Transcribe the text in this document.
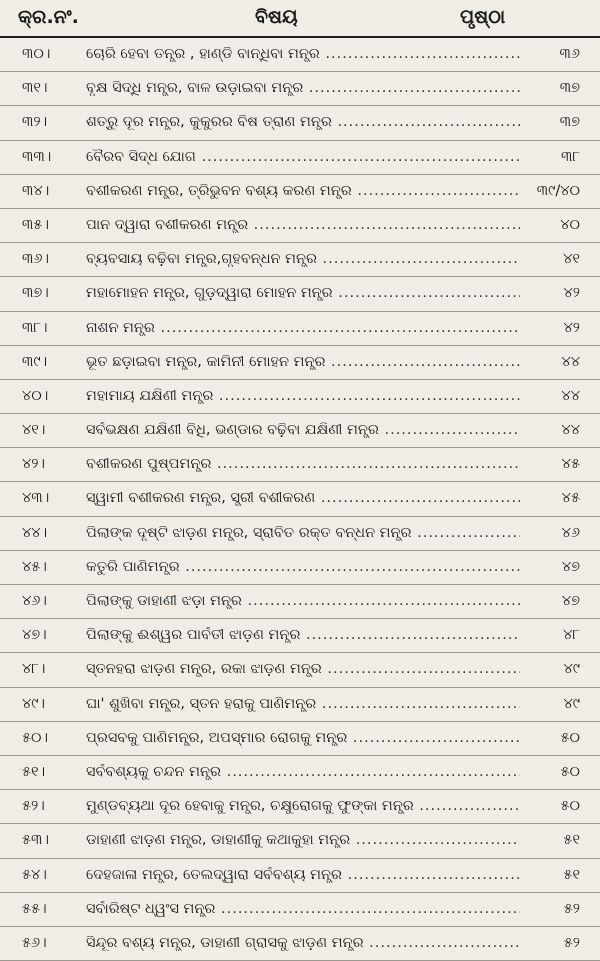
କ୍ର.ନଂ.	ବିଷୟ	ପୃଷ୍ଠା
୩୦।	ଚୋରି ହେବା ତନ୍ତ୍ର , ହାଣ୍ଡି ବାନ୍ଧିବା ମନ୍ତ୍ର .....	୩୬
୩୧।	ବୃକ୍ଷ ସିଦ୍ଧି ମନ୍ତ୍ର, ବାଳ ଉଡ଼ାଇବା ମନ୍ତ୍ର .....	୩୭
୩୨।	ଶତ୍ରୁ ଦୂର ମନ୍ତ୍ର, କୁକୁରର ବିଷ ତ୍ରାଣ ମନ୍ତ୍ର .....	୩୭
୩୩।	ବୈରବ ସିଦ୍ଧ ଯୋଗ .....	୩୮
୩୪।	ବଶୀକରଣ ମନ୍ତ୍ର, ତ୍ରିଭୁବନ ବଶ୍ୟ କରଣ ମନ୍ତ୍ର .....	୩୯/୪୦
୩୫।	ପାନ ଦ୍ୱାରା ବଶୀକରଣ ମନ୍ତ୍ର .....	୪୦
୩୬।	ବ୍ୟବସାୟ ବଢ଼ିବା ମନ୍ତ୍ର,ଗୃହବନ୍ଧନ ମନ୍ତ୍ର .....	୪୧
୩୭।	ମହାମୋହନ ମନ୍ତ୍ର, ଗୁଡ଼ଦ୍ୱାରା ମୋହନ ମନ୍ତ୍ର .....	୪୨
୩୮।	ନାଶନ ମନ୍ତ୍ର .....	୪୨
୩୯।	ଭୂତ ଛଡ଼ାଇବା ମନ୍ତ୍ର, କାମିନୀ ମୋହନ ମନ୍ତ୍ର .....	୪୪
୪୦।	ମହାମାୟ ଯକ୍ଷିଣୀ ମନ୍ତ୍ର .....	୪୪
୪୧।	ସର୍ବଭକ୍ଷଣ ଯକ୍ଷିଣୀ ବିଧି, ଭଣ୍ଡାର ବଢ଼ିବା ଯକ୍ଷିଣୀ ମନ୍ତ୍ର .....	୪୪
୪୨।	ବଶୀକରଣ ପୁଷ୍ପମନ୍ତ୍ର .....	୪୫
୪୩।	ସ୍ୱାମୀ ବଶୀକରଣ ମନ୍ତ୍ର, ସ୍ତ୍ରୀ ବଶୀକରଣ .....	୪୫
୪୪।	ପିଲାଙ୍କ ଦୃଷ୍ଟି ଝାଡ଼ଣ ମନ୍ତ୍ର, ସ୍ରାବିତ ରକ୍ତ ବନ୍ଧନ ମନ୍ତ୍ର .....	୪୬
୪୫।	କତୁରି ପାଣିମନ୍ତ୍ର .....	୪୭
୪୬।	ପିଲାଙ୍କୁ ଡାହାଣୀ ଝଡ଼ା ମନ୍ତ୍ର .....	୪୭
୪୭।	ପିଲାଙ୍କୁ ଈଶ୍ୱର ପାର୍ବତୀ ଝାଡ଼ଣ ମନ୍ତ୍ର .....	୪୮
୪୮।	ସ୍ତନହରା ଝାଡ଼ଣ ମନ୍ତ୍ର, ରକା ଝାଡ଼ଣ ମନ୍ତ୍ର .....	୪୯
୪୯।	ଘା' ଶୁଖିବା ମନ୍ତ୍ର, ସ୍ତନ ହରାକୁ ପାଣିମନ୍ତ୍ର .....	୪୯
୫୦।	ପ୍ରସବକୁ ପାଣିମନ୍ତ୍ର, ଅପସ୍ମାର ରୋଗକୁ ମନ୍ତ୍ର .....	୫୦
୫୧।	ସର୍ବବଶ୍ୟକୁ ଚନ୍ଦନ ମନ୍ତ୍ର .....	୫୦
୫୨।	ମୁଣ୍ଡବ୍ୟଥା ଦୂର ହେବାକୁ ମନ୍ତ୍ର, ଚକ୍ଷୁରୋଗକୁ ଫୁଙ୍କା ମନ୍ତ୍ର .....	୫୦
୫୩।	ଡାହାଣୀ ଝାଡ଼ଣ ମନ୍ତ୍ର, ଡାହାଣୀକୁ କଥାକୁହା ମନ୍ତ୍ର .....	୫୧
୫୪।	ଦେହଜାଳା ମନ୍ତ୍ର, ତେଲଦ୍ୱାରା ସର୍ବବଶ୍ୟ ମନ୍ତ୍ର .....	୫୧
୫୫।	ସର୍ବାରିଷ୍ଟ ଧ୍ୱଂସ ମନ୍ତ୍ର .....	୫୨
୫୬।	ସିନ୍ଦୂର ବଶ୍ୟ ମନ୍ତ୍ର, ଡାହାଣୀ ଗ୍ରାସକୁ ଝାଡ଼ଣ ମନ୍ତ୍ର .....	୫୨
